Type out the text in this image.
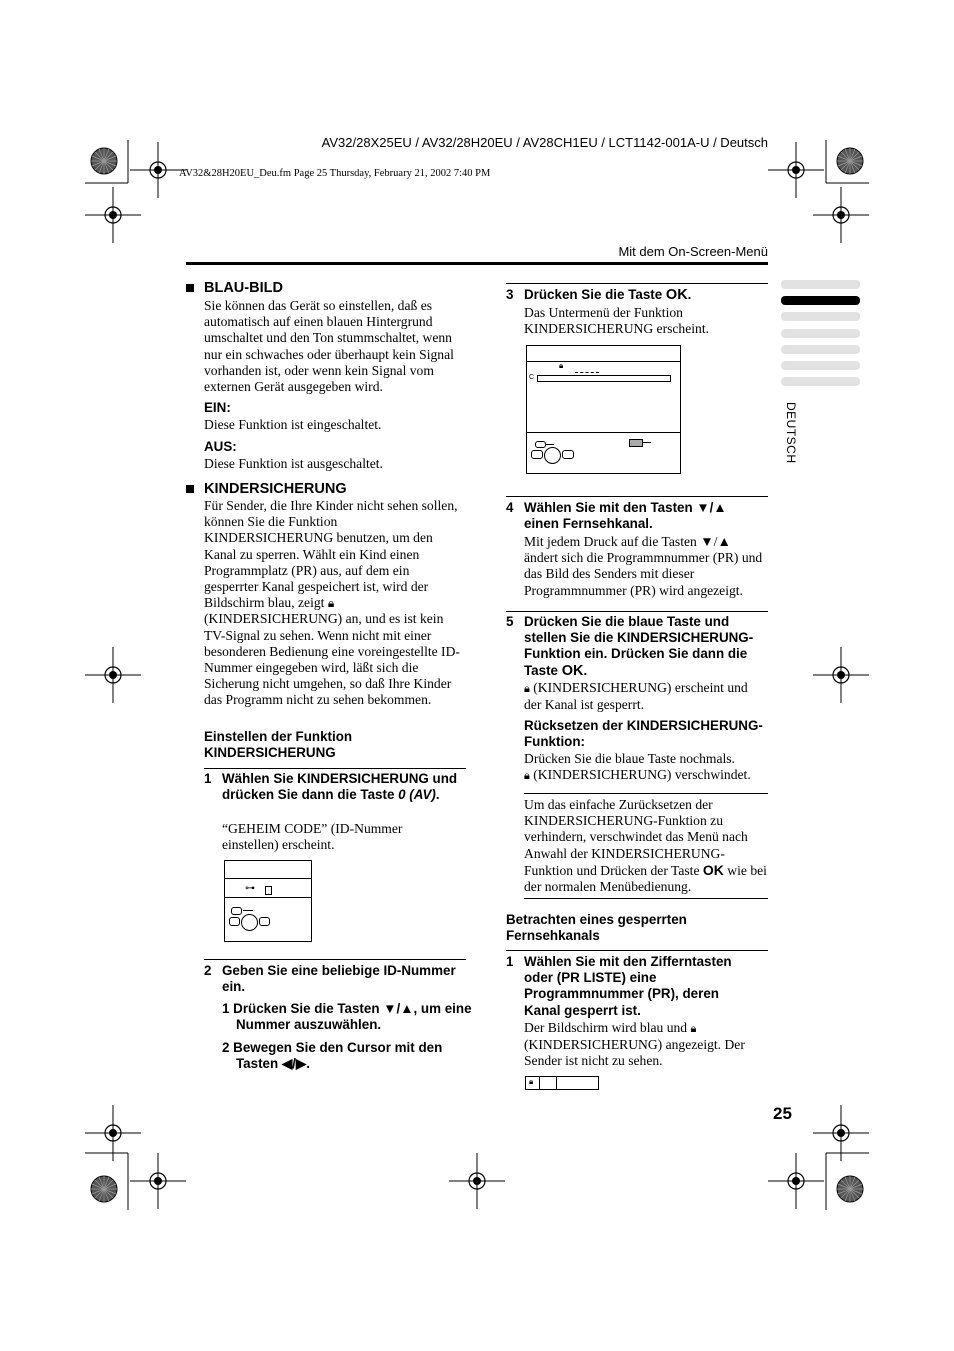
AV32/28X25EU / AV32/28H20EU / AV28CH1EU / LCT1142-001A-U / Deutsch
AV32&28H20EU_Deu.fm Page 25 Thursday, February 21, 2002 7:40 PM
Mit dem On-Screen-Menü
DEUTSCH
BLAU-BILD
Sie können das Gerät so einstellen, daß es automatisch auf einen blauen Hintergrund umschaltet und den Ton stummschaltet, wenn nur ein schwaches oder überhaupt kein Signal vorhanden ist, oder wenn kein Signal vom externen Gerät ausgegeben wird.
EIN:
Diese Funktion ist eingeschaltet.
AUS:
Diese Funktion ist ausgeschaltet.
KINDERSICHERUNG
Für Sender, die Ihre Kinder nicht sehen sollen, können Sie die Funktion KINDERSICHERUNG benutzen, um den Kanal zu sperren. Wählt ein Kind einen Programmplatz (PR) aus, auf dem ein gesperrter Kanal gespeichert ist, wird der Bildschirm blau, zeigt 🔒︎ (KINDERSICHERUNG) an, und es ist kein TV-Signal zu sehen. Wenn nicht mit einer besonderen Bedienung eine voreingestellte ID-Nummer eingegeben wird, läßt sich die Sicherung nicht umgehen, so daß Ihre Kinder das Programm nicht zu sehen bekommen.
Einstellen der Funktion KINDERSICHERUNG
1 Wählen Sie KINDERSICHERUNG und drücken Sie dann die Taste 0 (AV).
“GEHEIM CODE” (ID-Nummer einstellen) erscheint.
⊶
2 Geben Sie eine beliebige ID-Nummer ein.
1 Drücken Sie die Tasten ▼/▲, um eine Nummer auszuwählen.
2 Bewegen Sie den Cursor mit den Tasten ◀/▶.
3 Drücken Sie die Taste OK.
Das Untermenü der Funktion KINDERSICHERUNG erscheint.
🔒︎
C
4 Wählen Sie mit den Tasten ▼/▲ einen Fernsehkanal.
Mit jedem Druck auf die Tasten ▼/▲ ändert sich die Programmnummer (PR) und das Bild des Senders mit dieser Programmnummer (PR) wird angezeigt.
5 Drücken Sie die blaue Taste und stellen Sie die KINDERSICHERUNG-Funktion ein. Drücken Sie dann die Taste OK.
🔒︎ (KINDERSICHERUNG) erscheint und der Kanal ist gesperrt.
Rücksetzen der KINDERSICHERUNG-Funktion:
Drücken Sie die blaue Taste nochmals.
🔒︎ (KINDERSICHERUNG) verschwindet.
Um das einfache Zurücksetzen der KINDERSICHERUNG-Funktion zu verhindern, verschwindet das Menü nach Anwahl der KINDERSICHERUNG-Funktion und Drücken der Taste OK wie bei der normalen Menübedienung.
Betrachten eines gesperrten Fernsehkanals
1 Wählen Sie mit den Zifferntasten oder (PR LISTE) eine Programmnummer (PR), deren Kanal gesperrt ist.
Der Bildschirm wird blau und 🔒︎ (KINDERSICHERUNG) angezeigt. Der Sender ist nicht zu sehen.
🔒︎
25
